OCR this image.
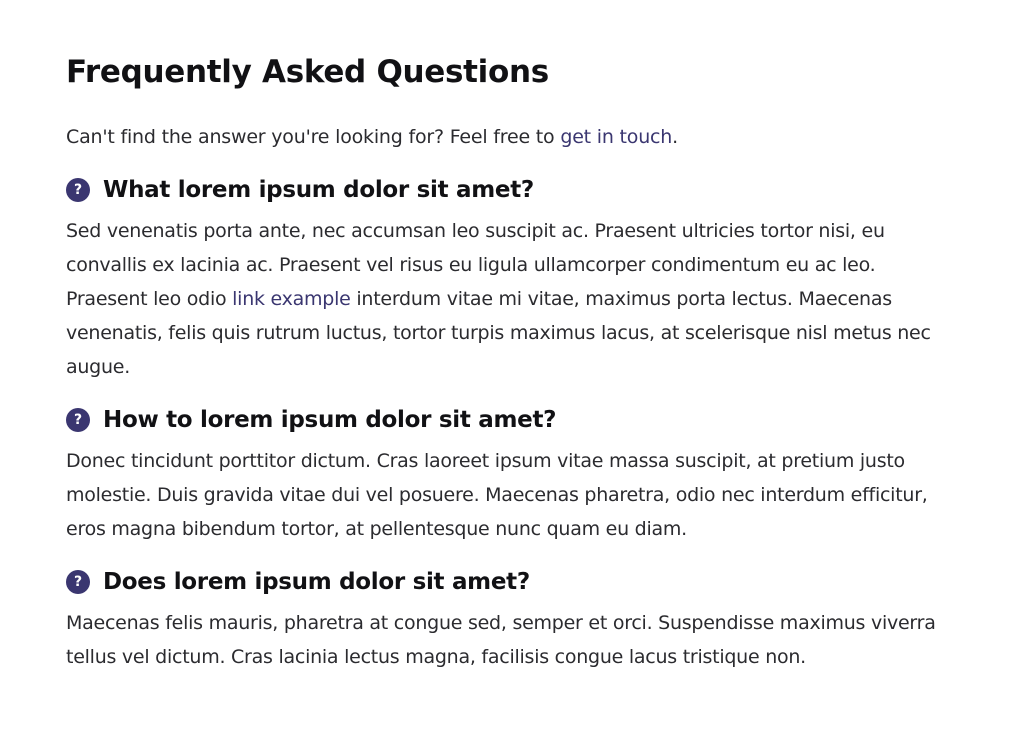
Frequently Asked Questions

Can't find the answer you're looking for? Feel free to get in touch.

? What lorem ipsum dolor sit amet?

Sed venenatis porta ante, nec accumsan leo suscipit ac. Praesent ultricies tortor nisi, eu convallis ex lacinia ac. Praesent vel risus eu ligula ullamcorper condimentum eu ac leo. Praesent leo odio link example interdum vitae mi vitae, maximus porta lectus. Maecenas venenatis, felis quis rutrum luctus, tortor turpis maximus lacus, at scelerisque nisl metus nec augue.

? How to lorem ipsum dolor sit amet?

Donec tincidunt porttitor dictum. Cras laoreet ipsum vitae massa suscipit, at pretium justo molestie. Duis gravida vitae dui vel posuere. Maecenas pharetra, odio nec interdum efficitur, eros magna bibendum tortor, at pellentesque nunc quam eu diam.

? Does lorem ipsum dolor sit amet?

Maecenas felis mauris, pharetra at congue sed, semper et orci. Suspendisse maximus viverra tellus vel dictum. Cras lacinia lectus magna, facilisis congue lacus tristique non.
